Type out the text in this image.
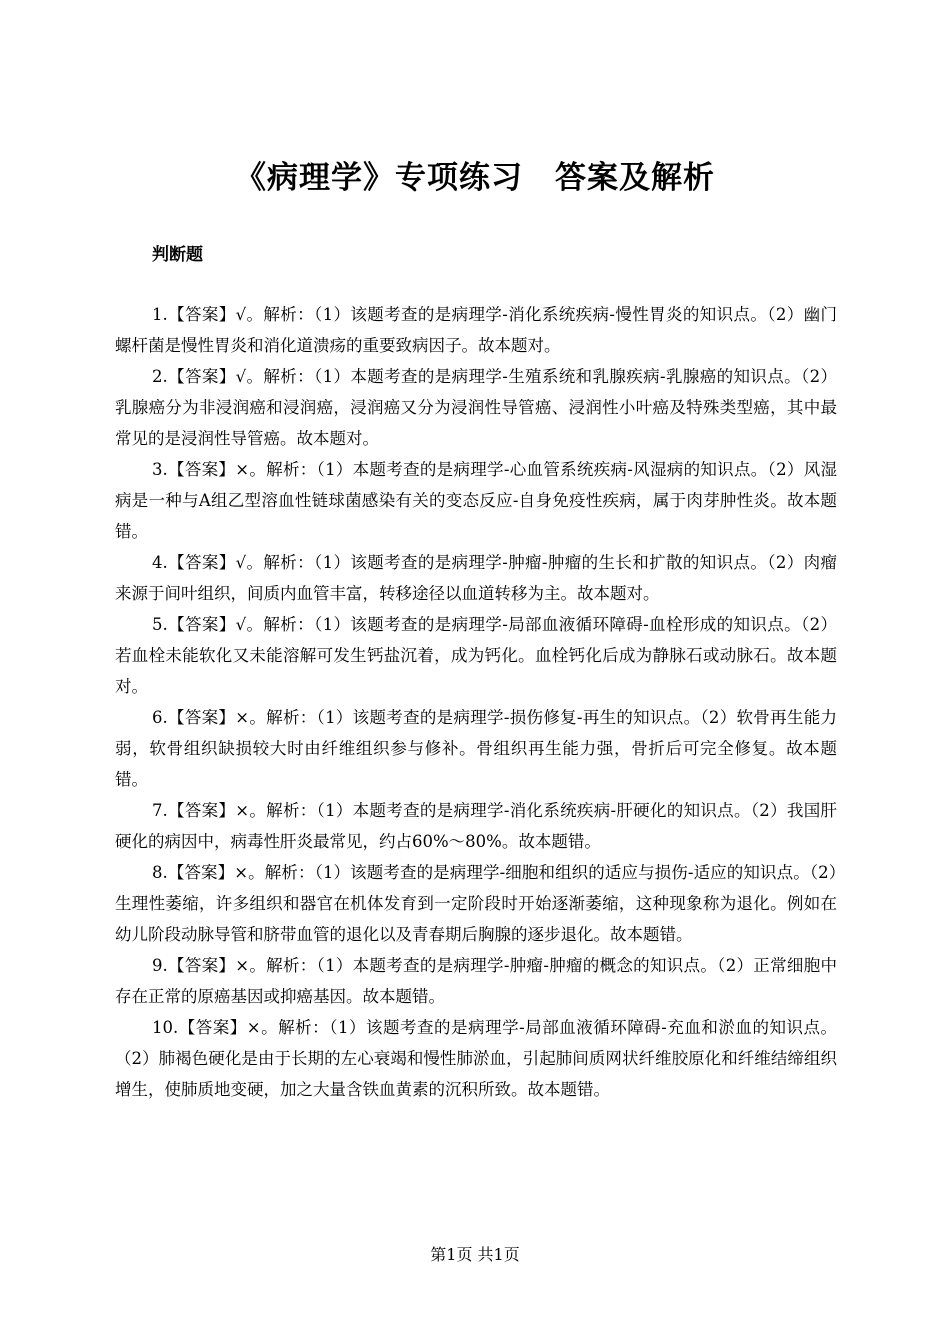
《病理学》专项练习　答案及解析
判断题

1.【答案】√。解析：（1）该题考查的是病理学-消化系统疾病-慢性胃炎的知识点。（2）幽门螺杆菌是慢性胃炎和消化道溃疡的重要致病因子。故本题对。

2.【答案】√。解析：（1）本题考查的是病理学-生殖系统和乳腺疾病-乳腺癌的知识点。（2）乳腺癌分为非浸润癌和浸润癌，浸润癌又分为浸润性导管癌、浸润性小叶癌及特殊类型癌，其中最常见的是浸润性导管癌。故本题对。

3.【答案】×。解析：（1）本题考查的是病理学-心血管系统疾病-风湿病的知识点。（2）风湿病是一种与A组乙型溶血性链球菌感染有关的变态反应-自身免疫性疾病，属于肉芽肿性炎。故本题错。

4.【答案】√。解析：（1）该题考查的是病理学-肿瘤-肿瘤的生长和扩散的知识点。（2）肉瘤来源于间叶组织，间质内血管丰富，转移途径以血道转移为主。故本题对。

5.【答案】√。解析：（1）该题考查的是病理学-局部血液循环障碍-血栓形成的知识点。（2）若血栓未能软化又未能溶解可发生钙盐沉着，成为钙化。血栓钙化后成为静脉石或动脉石。故本题对。

6.【答案】×。解析：（1）该题考查的是病理学-损伤修复-再生的知识点。（2）软骨再生能力弱，软骨组织缺损较大时由纤维组织参与修补。骨组织再生能力强，骨折后可完全修复。故本题错。

7.【答案】×。解析：（1）本题考查的是病理学-消化系统疾病-肝硬化的知识点。（2）我国肝硬化的病因中，病毒性肝炎最常见，约占60%～80%。故本题错。

8.【答案】×。解析：（1）该题考查的是病理学-细胞和组织的适应与损伤-适应的知识点。（2）生理性萎缩，许多组织和器官在机体发育到一定阶段时开始逐渐萎缩，这种现象称为退化。例如在幼儿阶段动脉导管和脐带血管的退化以及青春期后胸腺的逐步退化。故本题错。

9.【答案】×。解析：（1）本题考查的是病理学-肿瘤-肿瘤的概念的知识点。（2）正常细胞中存在正常的原癌基因或抑癌基因。故本题错。

10.【答案】×。解析：（1）该题考查的是病理学-局部血液循环障碍-充血和淤血的知识点。（2）肺褐色硬化是由于长期的左心衰竭和慢性肺淤血，引起肺间质网状纤维胶原化和纤维结缔组织增生，使肺质地变硬，加之大量含铁血黄素的沉积所致。故本题错。

第1页 共1页
